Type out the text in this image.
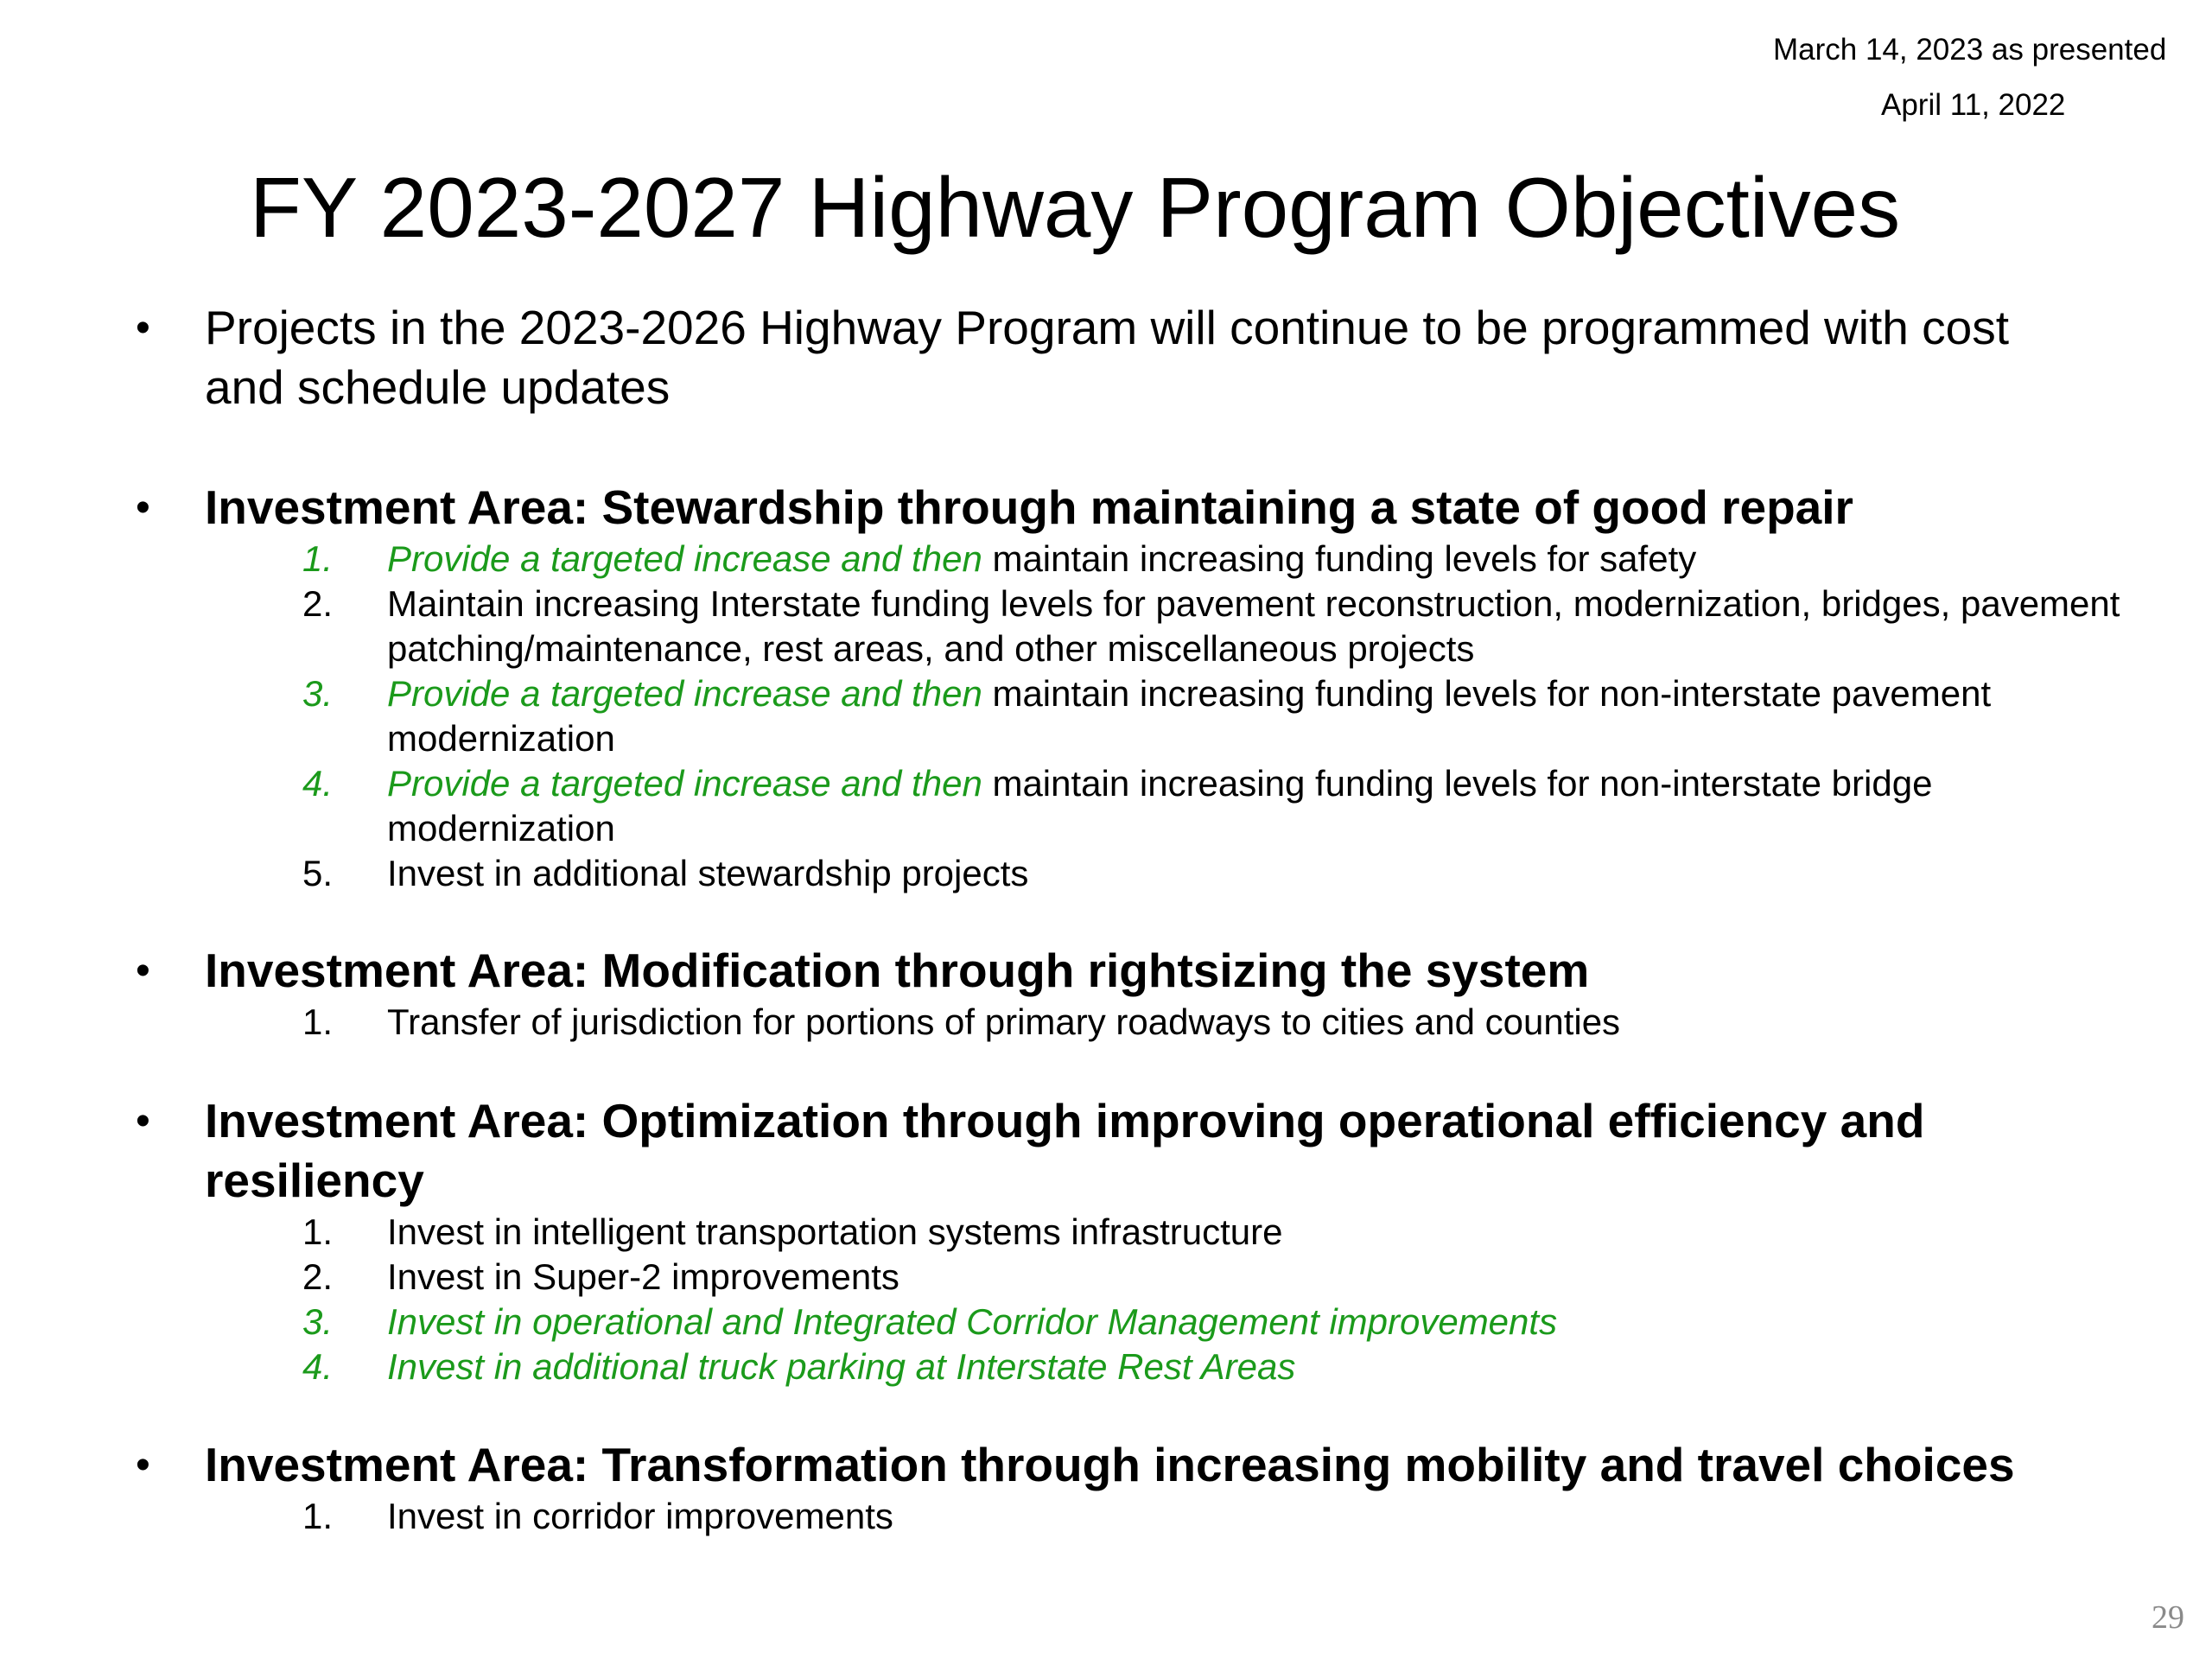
March 14, 2023 as presented
April 11, 2022
FY 2023-2027 Highway Program Objectives
• Projects in the 2023-2026 Highway Program will continue to be programmed with cost
and schedule updates
• Investment Area: Stewardship through maintaining a state of good repair
1. Provide a targeted increase and then maintain increasing funding levels for safety
2. Maintain increasing Interstate funding levels for pavement reconstruction, modernization, bridges, pavement
patching/maintenance, rest areas, and other miscellaneous projects
3. Provide a targeted increase and then maintain increasing funding levels for non-interstate pavement
modernization
4. Provide a targeted increase and then maintain increasing funding levels for non-interstate bridge
modernization
5. Invest in additional stewardship projects
• Investment Area: Modification through rightsizing the system
1. Transfer of jurisdiction for portions of primary roadways to cities and counties
• Investment Area: Optimization through improving operational efficiency and
resiliency
1. Invest in intelligent transportation systems infrastructure
2. Invest in Super-2 improvements
3. Invest in operational and Integrated Corridor Management improvements
4. Invest in additional truck parking at Interstate Rest Areas
• Investment Area: Transformation through increasing mobility and travel choices
1. Invest in corridor improvements
29
